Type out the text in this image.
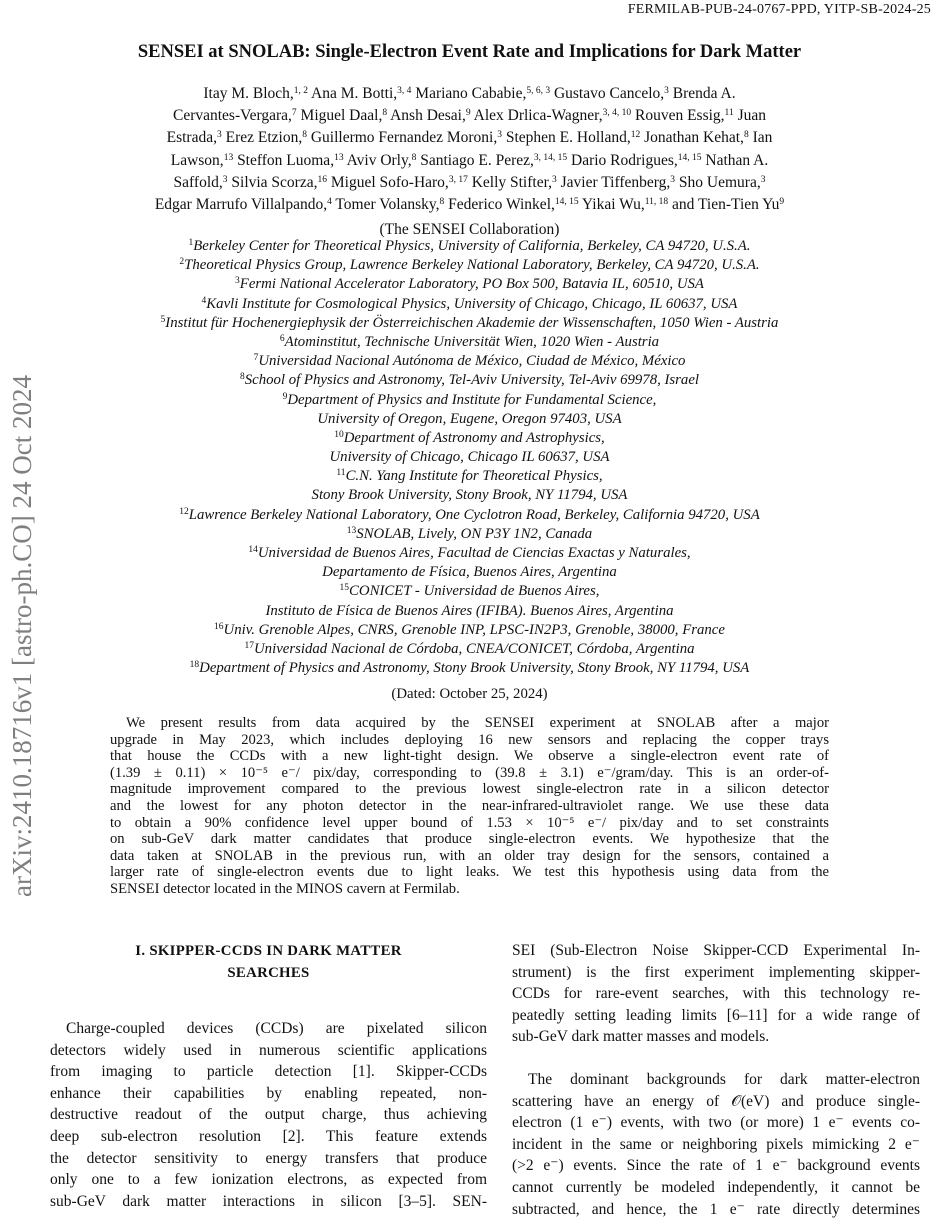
FERMILAB-PUB-24-0767-PPD, YITP-SB-2024-25
arXiv:2410.18716v1 [astro-ph.CO] 24 Oct 2024
SENSEI at SNOLAB: Single-Electron Event Rate and Implications for Dark Matter
Itay M. Bloch,$^{1, 2}$ Ana M. Botti,$^{3, 4}$ Mariano Cababie,$^{5, 6, 3}$ Gustavo Cancelo,$^3$ Brenda A.
Cervantes-Vergara,$^7$ Miguel Daal,$^8$ Ansh Desai,$^9$ Alex Drlica-Wagner,$^{3, 4, 10}$ Rouven Essig,$^{11}$ Juan
Estrada,$^3$ Erez Etzion,$^8$ Guillermo Fernandez Moroni,$^3$ Stephen E. Holland,$^{12}$ Jonathan Kehat,$^8$ Ian
Lawson,$^{13}$ Steffon Luoma,$^{13}$ Aviv Orly,$^8$ Santiago E. Perez,$^{3, 14, 15}$ Dario Rodrigues,$^{14, 15}$ Nathan A.
Saffold,$^3$ Silvia Scorza,$^{16}$ Miguel Sofo-Haro,$^{3, 17}$ Kelly Stifter,$^3$ Javier Tiffenberg,$^3$ Sho Uemura,$^3$
Edgar Marrufo Villalpando,$^4$ Tomer Volansky,$^8$ Federico Winkel,$^{14, 15}$ Yikai Wu,$^{11, 18}$ and Tien-Tien Yu$^9$
(The SENSEI Collaboration)
$^1$Berkeley Center for Theoretical Physics, University of California, Berkeley, CA 94720, U.S.A.
$^2$Theoretical Physics Group, Lawrence Berkeley National Laboratory, Berkeley, CA 94720, U.S.A.
$^3$Fermi National Accelerator Laboratory, PO Box 500, Batavia IL, 60510, USA
$^4$Kavli Institute for Cosmological Physics, University of Chicago, Chicago, IL 60637, USA
$^5$Institut für Hochenergiephysik der Österreichischen Akademie der Wissenschaften, 1050 Wien - Austria
$^6$Atominstitut, Technische Universität Wien, 1020 Wien - Austria
$^7$Universidad Nacional Autónoma de México, Ciudad de México, México
$^8$School of Physics and Astronomy, Tel-Aviv University, Tel-Aviv 69978, Israel
$^9$Department of Physics and Institute for Fundamental Science,
University of Oregon, Eugene, Oregon 97403, USA
$^{10}$Department of Astronomy and Astrophysics,
University of Chicago, Chicago IL 60637, USA
$^{11}$C.N. Yang Institute for Theoretical Physics,
Stony Brook University, Stony Brook, NY 11794, USA
$^{12}$Lawrence Berkeley National Laboratory, One Cyclotron Road, Berkeley, California 94720, USA
$^{13}$SNOLAB, Lively, ON P3Y 1N2, Canada
$^{14}$Universidad de Buenos Aires, Facultad de Ciencias Exactas y Naturales,
Departamento de Física, Buenos Aires, Argentina
$^{15}$CONICET - Universidad de Buenos Aires,
Instituto de Física de Buenos Aires (IFIBA). Buenos Aires, Argentina
$^{16}$Univ. Grenoble Alpes, CNRS, Grenoble INP, LPSC-IN2P3, Grenoble, 38000, France
$^{17}$Universidad Nacional de Córdoba, CNEA/CONICET, Córdoba, Argentina
$^{18}$Department of Physics and Astronomy, Stony Brook University, Stony Brook, NY 11794, USA
(Dated: October 25, 2024)
We present results from data acquired by the SENSEI experiment at SNOLAB after a major
upgrade in May 2023, which includes deploying 16 new sensors and replacing the copper trays
that house the CCDs with a new light-tight design. We observe a single-electron event rate of
(1.39 ± 0.11) × 10⁻⁵ e⁻/ pix/day, corresponding to (39.8 ± 3.1) e⁻/gram/day. This is an order-of-
magnitude improvement compared to the previous lowest single-electron rate in a silicon detector
and the lowest for any photon detector in the near-infrared-ultraviolet range. We use these data
to obtain a 90% confidence level upper bound of 1.53 × 10⁻⁵ e⁻/ pix/day and to set constraints
on sub-GeV dark matter candidates that produce single-electron events. We hypothesize that the
data taken at SNOLAB in the previous run, with an older tray design for the sensors, contained a
larger rate of single-electron events due to light leaks. We test this hypothesis using data from the
SENSEI detector located in the MINOS cavern at Fermilab.
I. SKIPPER-CCDS IN DARK MATTER
SEARCHES
Charge-coupled devices (CCDs) are pixelated silicon
detectors widely used in numerous scientific applications
from imaging to particle detection [1]. Skipper-CCDs
enhance their capabilities by enabling repeated, non-
destructive readout of the output charge, thus achieving
deep sub-electron resolution [2]. This feature extends
the detector sensitivity to energy transfers that produce
only one to a few ionization electrons, as expected from
sub-GeV dark matter interactions in silicon [3–5]. SEN-
SEI (Sub-Electron Noise Skipper-CCD Experimental In-
strument) is the first experiment implementing skipper-
CCDs for rare-event searches, with this technology re-
peatedly setting leading limits [6–11] for a wide range of
sub-GeV dark matter masses and models.
The dominant backgrounds for dark matter-electron
scattering have an energy of 𝒪(eV) and produce single-
electron (1 e⁻) events, with two (or more) 1 e⁻ events co-
incident in the same or neighboring pixels mimicking 2 e⁻
(>2 e⁻) events. Since the rate of 1 e⁻ background events
cannot currently be modeled independently, it cannot be
subtracted, and hence, the 1 e⁻ rate directly determines
